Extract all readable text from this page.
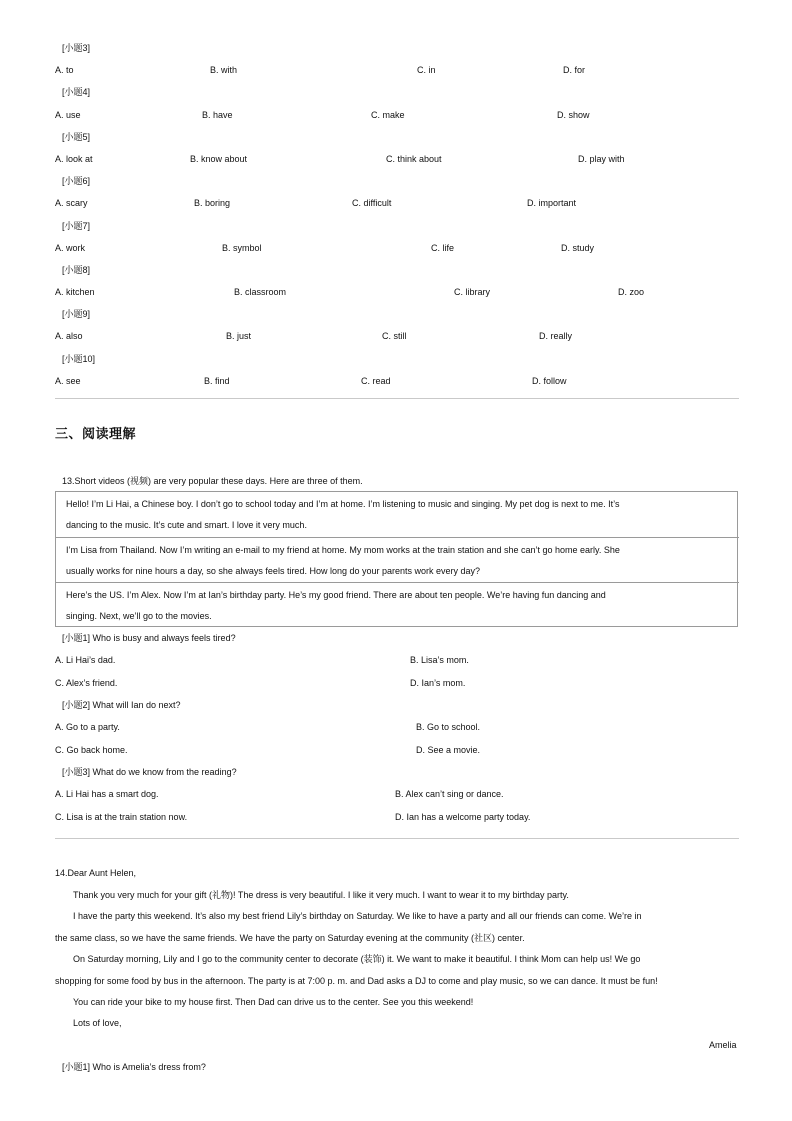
[小题3]
A. to	B. with	C. in	D. for
[小题4]
A. use	B. have	C. make	D. show
[小题5]
A. look at	B. know about	C. think about	D. play with
[小题6]
A. scary	B. boring	C. difficult	D. important
[小题7]
A. work	B. symbol	C. life	D. study
[小题8]
A. kitchen	B. classroom	C. library	D. zoo
[小题9]
A. also	B. just	C. still	D. really
[小题10]
A. see	B. find	C. read	D. follow
三、阅读理解
13.Short videos (视频) are very popular these days. Here are three of them.
Hello! I’m Li Hai, a Chinese boy. I don’t go to school today and I’m at home. I’m listening to music and singing. My pet dog is next to me. It’s
dancing to the music. It’s cute and smart. I love it very much.
I’m Lisa from Thailand. Now I’m writing an e-mail to my friend at home. My mom works at the train station and she can’t go home early. She
usually works for nine hours a day, so she always feels tired. How long do your parents work every day?
Here’s the US. I’m Alex. Now I’m at Ian’s birthday party. He’s my good friend. There are about ten people. We’re having fun dancing and
singing. Next, we’ll go to the movies.
[小题1] Who is busy and always feels tired?
A. Li Hai’s dad.	B. Lisa’s mom.
C. Alex’s friend.	D. Ian’s mom.
[小题2] What will Ian do next?
A. Go to a party.	B. Go to school.
C. Go back home.	D. See a movie.
[小题3] What do we know from the reading?
A. Li Hai has a smart dog.	B. Alex can’t sing or dance.
C. Lisa is at the train station now.	D. Ian has a welcome party today.
14.Dear Aunt Helen,
Thank you very much for your gift (礼物)! The dress is very beautiful. I like it very much. I want to wear it to my birthday party.
I have the party this weekend. It’s also my best friend Lily’s birthday on Saturday. We like to have a party and all our friends can come. We’re in
the same class, so we have the same friends. We have the party on Saturday evening at the community (社区) center.
On Saturday morning, Lily and I go to the community center to decorate (装饰) it. We want to make it beautiful. I think Mom can help us! We go
shopping for some food by bus in the afternoon. The party is at 7:00 p. m. and Dad asks a DJ to come and play music, so we can dance. It must be fun!
You can ride your bike to my house first. Then Dad can drive us to the center. See you this weekend!
Lots of love,
Amelia
[小题1] Who is Amelia’s dress from?
